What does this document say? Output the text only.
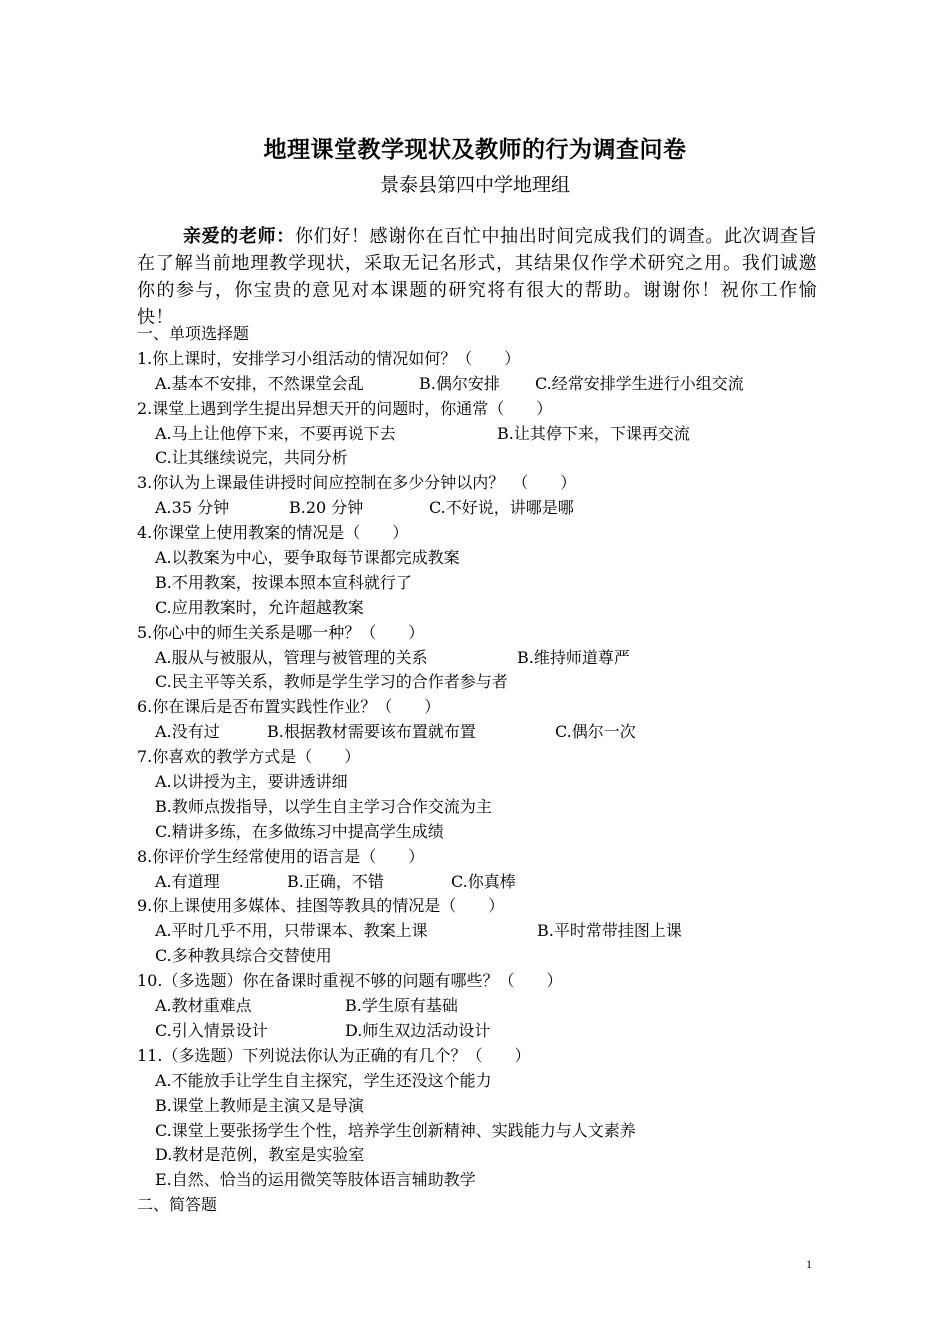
地理课堂教学现状及教师的行为调查问卷
景泰县第四中学地理组
亲爱的老师：你们好！感谢你在百忙中抽出时间完成我们的调查。此次调查旨在了解当前地理教学现状，采取无记名形式，其结果仅作学术研究之用。我们诚邀你的参与，你宝贵的意见对本课题的研究将有很大的帮助。谢谢你！祝你工作愉快！
一、单项选择题
1.你上课时，安排学习小组活动的情况如何？（　　）
A.基本不安排，不然课堂会乱	B.偶尔安排 C.经常安排学生进行小组交流
2.课堂上遇到学生提出异想天开的问题时，你通常（　　）
A.马上让他停下来，不要再说下去	B.让其停下来，下课再交流
C.让其继续说完，共同分析
3.你认为上课最佳讲授时间应控制在多少分钟以内？　（　　）
A.35 分钟	B.20 分钟	C.不好说，讲哪是哪
4.你课堂上使用教案的情况是（　　）
A.以教案为中心，要争取每节课都完成教案
B.不用教案，按课本照本宣科就行了
C.应用教案时，允许超越教案
5.你心中的师生关系是哪一种？（　　）
A.服从与被服从，管理与被管理的关系	B.维持师道尊严
C.民主平等关系，教师是学生学习的合作者参与者
6.你在课后是否布置实践性作业？（　　）
A.没有过	B.根据教材需要该布置就布置	C.偶尔一次
7.你喜欢的教学方式是（　　）
A.以讲授为主，要讲透讲细
B.教师点拨指导，以学生自主学习合作交流为主
C.精讲多练，在多做练习中提高学生成绩
8.你评价学生经常使用的语言是（　　）
A.有道理	B.正确，不错	C.你真棒
9.你上课使用多媒体、挂图等教具的情况是（　　）
A.平时几乎不用，只带课本、教案上课	B.平时常带挂图上课
C.多种教具综合交替使用
10.（多选题）你在备课时重视不够的问题有哪些？（　　）
A.教材重难点	B.学生原有基础
C.引入情景设计	D.师生双边活动设计
11.（多选题）下列说法你认为正确的有几个？（　　）
A.不能放手让学生自主探究，学生还没这个能力
B.课堂上教师是主演又是导演
C.课堂上要张扬学生个性，培养学生创新精神、实践能力与人文素养
D.教材是范例，教室是实验室
E.自然、恰当的运用微笑等肢体语言辅助教学
二、简答题
1
